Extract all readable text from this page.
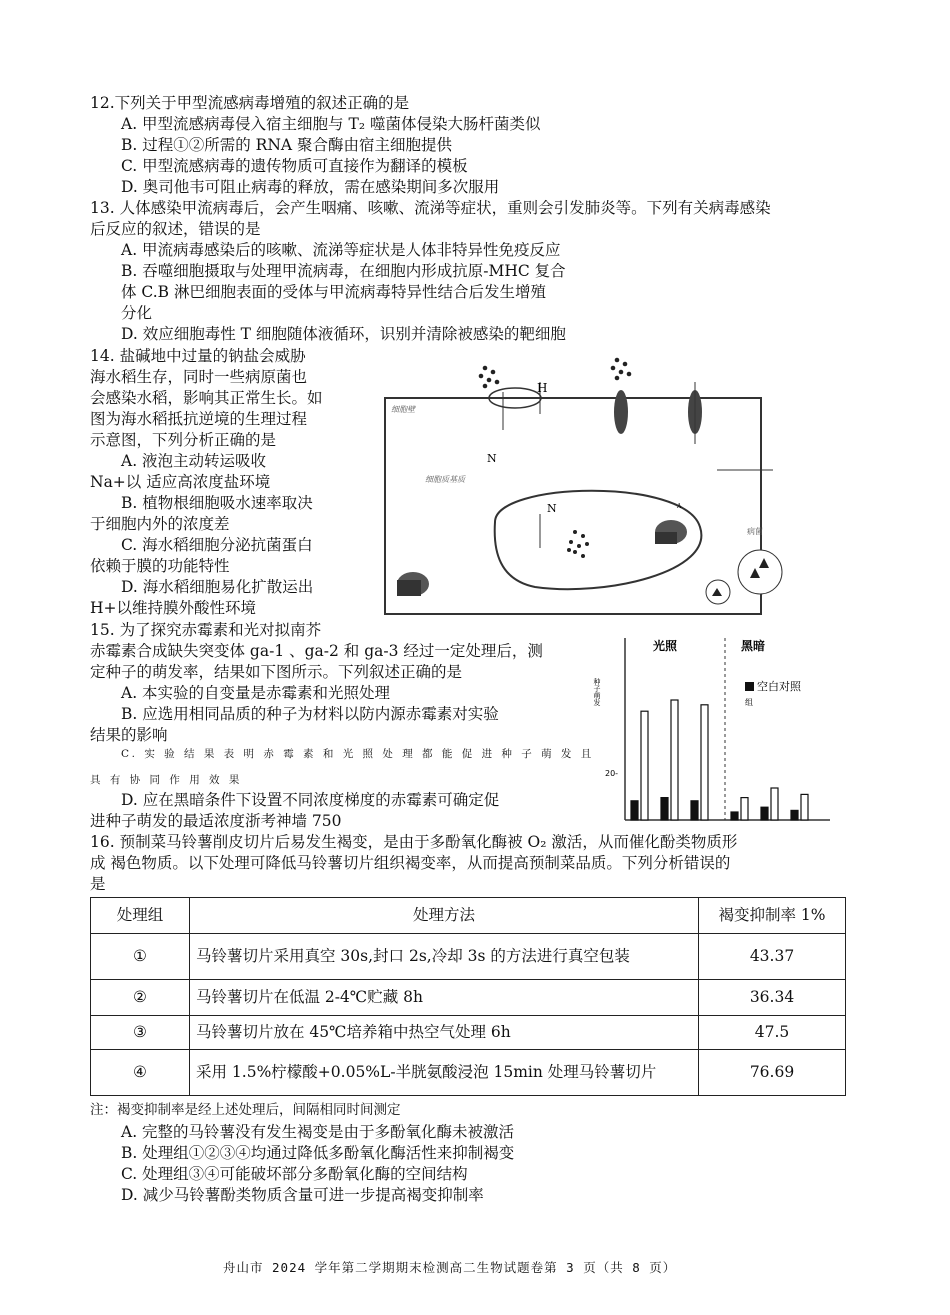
12.下列关于甲型流感病毒增殖的叙述正确的是
A. 甲型流感病毒侵入宿主细胞与 T₂ 噬菌体侵染大肠杆菌类似
B. 过程①②所需的 RNA 聚合酶由宿主细胞提供
C. 甲型流感病毒的遗传物质可直接作为翻译的模板
D. 奥司他韦可阻止病毒的释放，需在感染期间多次服用
13. 人体感染甲流病毒后，会产生咽痛、咳嗽、流涕等症状，重则会引发肺炎等。下列有关病毒感染
后反应的叙述，错误的是
A. 甲流病毒感染后的咳嗽、流涕等症状是人体非特异性免疫反应
B. 吞噬细胞摄取与处理甲流病毒，在细胞内形成抗原-MHC 复合
体 C.B 淋巴细胞表面的受体与甲流病毒特异性结合后发生增殖
分化
D. 效应细胞毒性 T 细胞随体液循环，识别并清除被感染的靶细胞
14. 盐碱地中过量的钠盐会威胁
海水稻生存，同时一些病原菌也
会感染水稻，影响其正常生长。如
图为海水稻抵抗逆境的生理过程
示意图，下列分析正确的是
A. 液泡主动转运吸收
Na+以 适应高浓度盐环境
B. 植物根细胞吸水速率取决
于细胞内外的浓度差
C. 海水稻细胞分泌抗菌蛋白
依赖于膜的功能特性
D. 海水稻细胞易化扩散运出
H+以维持膜外酸性环境
细胞壁
细胞质基质
病菌
H
N
N	A
15. 为了探究赤霉素和光对拟南芥
赤霉素合成缺失突变体 ga-1 、ga-2 和 ga-3 经过一定处理后，测
定种子的萌发率，结果如下图所示。下列叙述正确的是
A. 本实验的自变量是赤霉素和光照处理
B. 应选用相同品质的种子为材料以防内源赤霉素对实验
结果的影响
C. 实 验 结 果 表 明 赤 霉 素 和 光 照 处 理 都 能 促 进 种 子 萌 发 且
具 有 协 同 作 用 效 果
D. 应在黑暗条件下设置不同浓度梯度的赤霉素可确定促
进种子萌发的最适浓度浙考神墙 750
光照	黑暗
种子萌发
20-
空白对照
组
16. 预制菜马铃薯削皮切片后易发生褐变，是由于多酚氧化酶被 O₂ 激活，从而催化酚类物质形
成 褐色物质。以下处理可降低马铃薯切片组织褐变率，从而提高预制菜品质。下列分析错误的
是
处理组	处理方法	褐变抑制率 1%
①	马铃薯切片采用真空 30s,封口 2s,冷却 3s 的方法进行真空包装	43.37
②	马铃薯切片在低温 2-4℃贮藏 8h	36.34
③	马铃薯切片放在 45℃培养箱中热空气处理 6h	47.5
④	采用 1.5%柠檬酸+0.05%L-半胱氨酸浸泡 15min 处理马铃薯切片	76.69
注：褐变抑制率是经上述处理后，间隔相同时间测定
A. 完整的马铃薯没有发生褐变是由于多酚氧化酶未被激活
B. 处理组①②③④均通过降低多酚氧化酶活性来抑制褐变
C. 处理组③④可能破坏部分多酚氧化酶的空间结构
D. 减少马铃薯酚类物质含量可进一步提高褐变抑制率
舟山市 2024 学年第二学期期末检测高二生物试题卷第 3 页（共 8 页）
